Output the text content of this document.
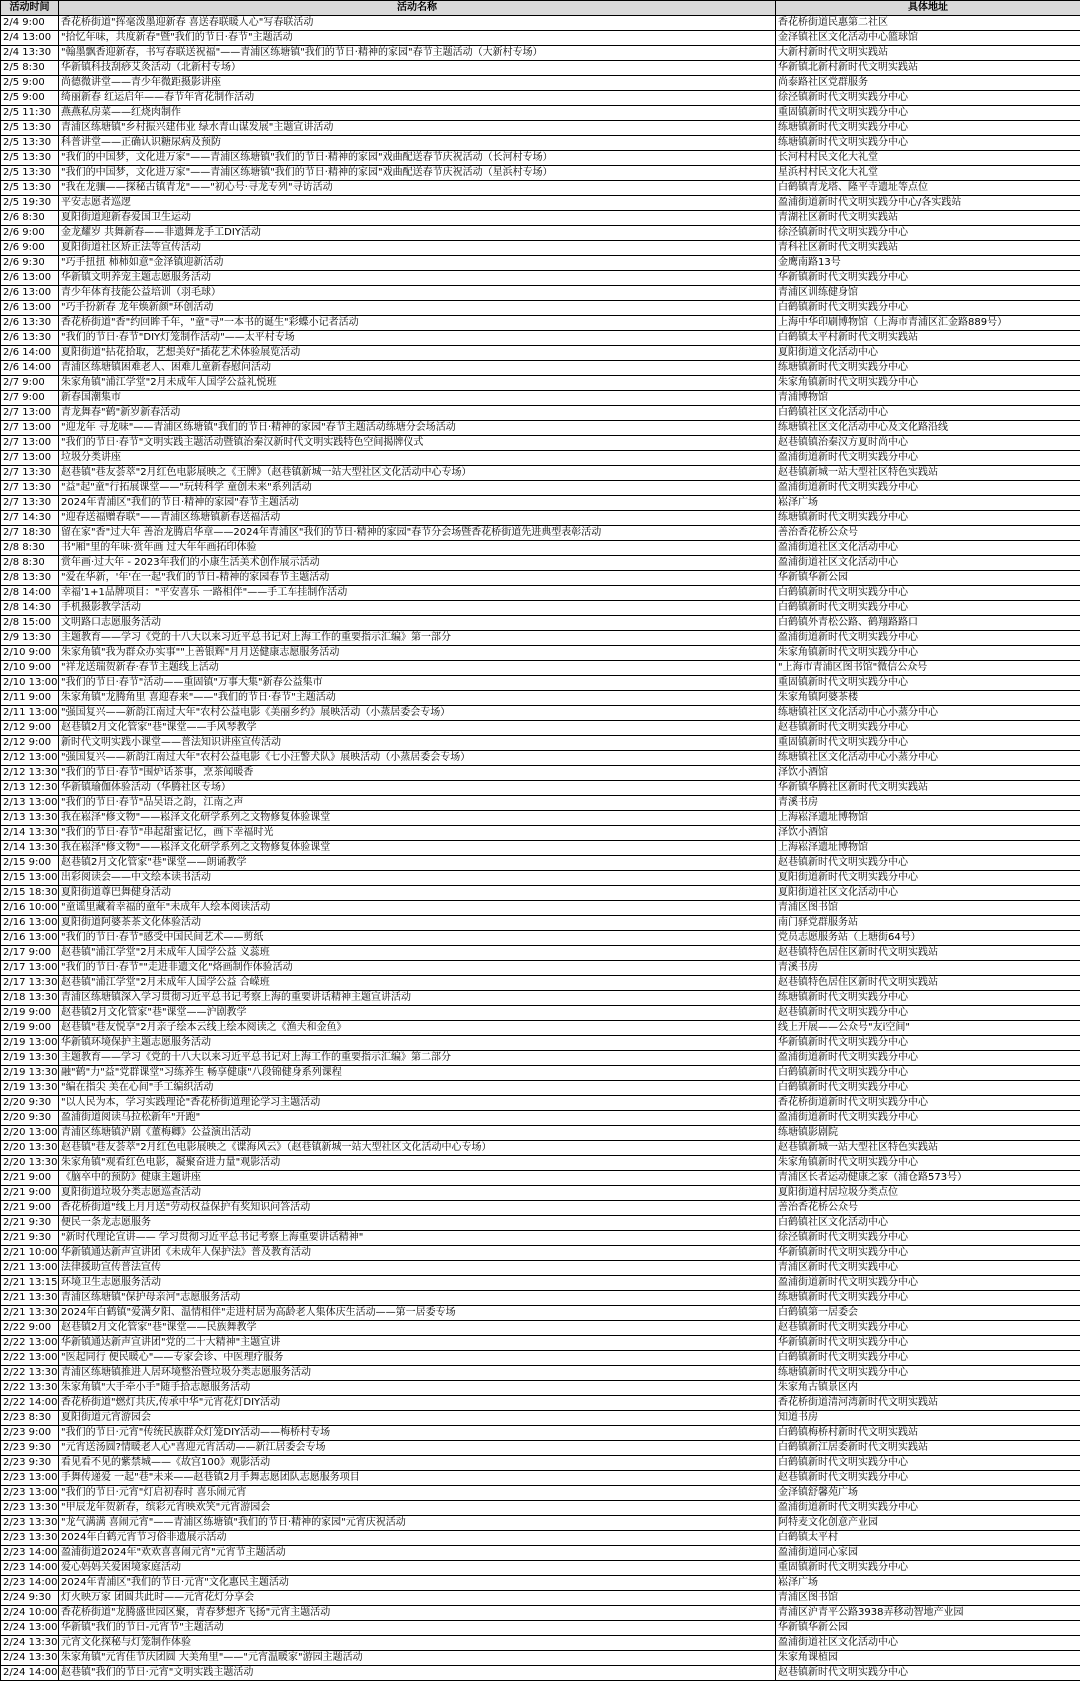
活动时间	活动名称	具体地址
2/4 9:00	香花桥街道"挥毫泼墨迎新春 喜送春联暖人心"写春联活动	香花桥街道民惠第二社区
2/4 13:00	"拾忆年味，共度新春"暨"我们的节日·春节"主题活动	金泽镇社区文化活动中心篮球馆
2/4 13:30	"翰墨飘香迎新春，书写春联送祝福"——青浦区练塘镇"我们的节日·精神的家园"春节主题活动（大新村专场）	大新村新时代文明实践站
2/5 8:30	华新镇科技刮痧艾灸活动（北新村专场）	华新镇北新村新时代文明实践站
2/5 9:00	尚德微讲堂——青少年微距摄影讲座	尚泰路社区党群服务
2/5 9:00	绮丽新春 红运启年——春节年宵花制作活动	徐泾镇新时代文明实践分中心
2/5 11:30	燕燕私房菜——红烧肉制作	重固镇新时代文明实践分中心
2/5 13:30	青浦区练塘镇"乡村振兴建伟业 绿水青山谋发展"主题宣讲活动	练塘镇新时代文明实践分中心
2/5 13:30	科普讲堂——正确认识糖尿病及预防	练塘镇新时代文明实践分中心
2/5 13:30	"我们的中国梦，文化进万家"——青浦区练塘镇"我们的节日·精神的家园"戏曲配送春节庆祝活动（长河村专场）	长河村村民文化大礼堂
2/5 13:30	"我们的中国梦，文化进万家"——青浦区练塘镇"我们的节日·精神的家园"戏曲配送春节庆祝活动（星浜村专场）	星浜村村民文化大礼堂
2/5 13:30	"我在龙骧——探秘古镇青龙"——"初心号·寻龙专列"寻访活动	白鹤镇青龙塔、隆平寺遗址等点位
2/5 19:30	平安志愿者巡逻	盈浦街道新时代文明实践分中心/各实践站
2/6 8:30	夏阳街道迎新春爱国卫生运动	青湖社区新时代文明实践站
2/6 9:00	金龙耀岁 共舞新春——非遗舞龙手工DIY活动	徐泾镇新时代文明实践分中心
2/6 9:00	夏阳街道社区矫正法等宣传活动	青科社区新时代文明实践站
2/6 9:30	"巧手扭扭 柿柿如意"金泽镇迎新活动	金鹰南路13号
2/6 13:00	华新镇文明养宠主题志愿服务活动	华新镇新时代文明实践分中心
2/6 13:00	青少年体育技能公益培训（羽毛球）	青浦区训练健身馆
2/6 13:00	"巧手扮新春 龙年焕新颜"环创活动	白鹤镇新时代文明实践分中心
2/6 13:30	香花桥街道"香"约回眸千年，"童"寻"一本书的诞生"彩蝶小记者活动	上海中华印刷博物馆（上海市青浦区汇金路889号）
2/6 13:30	"我们的节日·春节"DIY灯笼制作活动"——太平村专场	白鹤镇太平村新时代文明实践站
2/6 14:00	夏阳街道"拈花拾取，艺想美好"插花艺术体验展览活动	夏阳街道文化活动中心
2/6 14:00	青浦区练塘镇困难老人、困难儿童新春慰问活动	练塘镇新时代文明实践分中心
2/7 9:00	朱家角镇"浦江学堂"2月未成年人国学公益礼悦班	朱家角镇新时代文明实践分中心
2/7 9:00	新春国潮集市	青浦博物馆
2/7 13:00	青龙舞春"鹤"新岁新春活动	白鹤镇社区文化活动中心
2/7 13:00	"迎龙年 寻龙味"——青浦区练塘镇"我们的节日·精神的家园"春节主题活动练塘分会场活动	练塘镇社区文化活动中心及文化路沿线
2/7 13:00	"我们的节日·春节"文明实践主题活动暨镇治秦汉新时代文明实践特色空间揭牌仪式	赵巷镇镇治秦汉方夏时尚中心
2/7 13:00	垃圾分类讲座	盈浦街道新时代文明实践分中心
2/7 13:30	赵巷镇"巷友荟萃"2月红色电影展映之《王牌》（赵巷镇新城一站大型社区文化活动中心专场）	赵巷镇新城一站大型社区特色实践站
2/7 13:30	"益"起"童"行拓展课堂——"玩转科学 童创未来"系列活动	盈浦街道新时代文明实践分中心
2/7 13:30	2024年青浦区"我们的节日·精神的家园"春节主题活动	崧泽广场
2/7 14:30	"迎春送福赠春联"——青浦区练塘镇新春送福活动	练塘镇新时代文明实践分中心
2/7 18:30	留在家"香"过大年 善治龙腾启华章——2024年青浦区"我们的节日·精神的家园"春节分会场暨香花桥街道先进典型表彰活动	善治香花桥公众号
2/8 8:30	书"厢"里的年味·赏年画 过大年年画拓印体验	盈浦街道社区文化活动中心
2/8 8:30	赏年画·过大年 - 2023年我们的小康生活美术创作展示活动	盈浦街道社区文化活动中心
2/8 13:30	"爱在华新，'年'在一起"我们的节日-精神的家园春节主题活动	华新镇华新公园
2/8 14:00	幸福'1+1品牌项目："平安喜乐 一路相伴"——手工车挂制作活动	白鹤镇新时代文明实践分中心
2/8 14:30	手机摄影教学活动	白鹤镇新时代文明实践分中心
2/8 15:00	文明路口志愿服务活动	白鹤镇外青松公路、鹤翔路路口
2/9 13:30	主题教育——学习《党的十八大以来习近平总书记对上海工作的重要指示汇编》第一部分	盈浦街道新时代文明实践分中心
2/10 9:00	朱家角镇"我为群众办实事""上善银辉"月月送健康志愿服务活动	朱家角镇新时代文明实践分中心
2/10 9:00	"祥龙送瑞贺新春·春节主题线上活动	"上海市青浦区图书馆"微信公众号
2/10 13:00	"我们的节日·春节"活动——重固镇"万事大集"新春公益集市	重固镇新时代文明实践分中心
2/11 9:00	朱家角镇"龙腾角里 喜迎春来"——"我们的节日·春节"主题活动	朱家角镇阿婆茶楼
2/11 13:00	"强国复兴——新韵江南过大年"农村公益电影《美丽乡约》展映活动（小蒸居委会专场）	练塘镇社区文化活动中心小蒸分中心
2/12 9:00	赵巷镇2月文化管家"巷"课堂——手风琴教学	赵巷镇新时代文明实践分中心
2/12 9:00	新时代文明实践小课堂——普法知识讲座宣传活动	重固镇新时代文明实践分中心
2/12 13:00	"强国复兴——新韵江南过大年"农村公益电影《七小汪警犬队》展映活动（小蒸居委会专场）	练塘镇社区文化活动中心小蒸分中心
2/12 13:30	"我们的节日·春节"围炉话茶事，烹茶闻暖香	泽饮小酒馆
2/13 12:30	华新镇瑜伽体验活动（华腾社区专场）	华新镇华腾社区新时代文明实践站
2/13 13:00	"我们的节日·春节"品吴语之韵，江南之声	青溪书房
2/13 13:30	我在崧泽"修文物"——崧泽文化研学系列之文物修复体验课堂	上海崧泽遗址博物馆
2/14 13:30	"我们的节日·春节"串起甜蜜记忆，画下幸福时光	泽饮小酒馆
2/14 13:30	我在崧泽"修文物"——崧泽文化研学系列之文物修复体验课堂	上海崧泽遗址博物馆
2/15 9:00	赵巷镇2月文化管家"巷"课堂——朗诵教学	赵巷镇新时代文明实践分中心
2/15 13:00	出彩阅读会——中文绘本读书活动	夏阳街道新时代文明实践分中心
2/15 18:30	夏阳街道尊巴舞健身活动	夏阳街道社区文化活动中心
2/16 10:00	"童谣里藏着幸福的童年"未成年人绘本阅读活动	青浦区图书馆
2/16 13:00	夏阳街道阿婆茶茶文化体验活动	南门驿党群服务站
2/16 13:00	"我们的节日·春节"感受中国民间艺术——剪纸	党员志愿服务站（上塘街64号）
2/17 9:00	赵巷镇"浦江学堂"2月未成年人国学公益 义蕊班	赵巷镇特色居住区新时代文明实践站
2/17 13:00	"我们的节日·春节""走进非遗文化"烙画制作体验活动	青溪书房
2/17 13:30	赵巷镇"浦江学堂"2月未成年人国学公益 合嵘班	赵巷镇特色居住区新时代文明实践站
2/18 13:30	青浦区练塘镇深入学习贯彻习近平总书记考察上海的重要讲话精神主题宣讲活动	练塘镇新时代文明实践分中心
2/19 9:00	赵巷镇2月文化管家"巷"课堂——沪剧教学	赵巷镇新时代文明实践分中心
2/19 9:00	赵巷镇"巷友悦享"2月亲子绘本云线上绘本阅读之《渔夫和金鱼》	线上开展——公众号"友i空间"
2/19 13:00	华新镇环境保护主题志愿服务活动	华新镇新时代文明实践分中心
2/19 13:30	主题教育——学习《党的十八大以来习近平总书记对上海工作的重要指示汇编》第二部分	盈浦街道新时代文明实践分中心
2/19 13:30	融"鹤"力"益"党群课堂"习练养生 畅享健康"八段锦健身系列课程	白鹤镇新时代文明实践分中心
2/19 13:30	"编在指尖 美在心间"手工编织活动	白鹤镇新时代文明实践分中心
2/20 9:30	"以人民为本，学习实践理论"香花桥街道理论学习主题活动	香花桥街道新时代文明实践分中心
2/20 9:30	盈浦街道阅读马拉松新年"开跑"	盈浦街道新时代文明实践分中心
2/20 13:00	青浦区练塘镇沪剧《董梅卿》公益演出活动	练塘镇影剧院
2/20 13:30	赵巷镇"巷友荟萃"2月红色电影展映之《谍海风云》（赵巷镇新城一站大型社区文化活动中心专场）	赵巷镇新城一站大型社区特色实践站
2/20 13:30	朱家角镇"观看红色电影，凝聚奋进力量"观影活动	朱家角镇新时代文明实践分中心
2/21 9:00	《脑卒中的预防》健康主题讲座	青浦区长者运动健康之家（浦仓路573号）
2/21 9:00	夏阳街道垃圾分类志愿巡查活动	夏阳街道村居垃圾分类点位
2/21 9:00	香花桥街道"线上月月送"劳动权益保护有奖知识问答活动	善治香花桥公众号
2/21 9:30	便民一条龙志愿服务	白鹤镇社区文化活动中心
2/21 9:30	"新时代理论宣讲—— 学习贯彻习近平总书记考察上海重要讲话精神"	徐泾镇新时代文明实践分中心
2/21 10:00	华新镇通达新声宣讲团《未成年人保护法》普及教育活动	华新镇新时代文明实践分中心
2/21 13:00	法律援助宣传普法宣传	青浦区新时代文明实践中心
2/21 13:15	环境卫生志愿服务活动	盈浦街道新时代文明实践分中心
2/21 13:30	青浦区练塘镇"保护母亲河"志愿服务活动	练塘镇新时代文明实践分中心
2/21 13:30	2024年白鹤镇"爱满夕阳、温情相伴"走进村居为高龄老人集体庆生活动——第一居委专场	白鹤镇第一居委会
2/22 9:00	赵巷镇2月文化管家"巷"课堂——民族舞教学	赵巷镇新时代文明实践分中心
2/22 13:00	华新镇通达新声宣讲团"党的二十大精神"主题宣讲	华新镇新时代文明实践分中心
2/22 13:00	"医起同行 便民暖心"——专家会诊、中医理疗服务	白鹤镇新时代文明实践分中心
2/22 13:30	青浦区练塘镇推进人居环境整治暨垃圾分类志愿服务活动	练塘镇新时代文明实践分中心
2/22 13:30	朱家角镇"大手牵小手"随手拾志愿服务活动	朱家角古镇景区内
2/22 14:00	香花桥街道"燃灯共庆,传承中华"元宵花灯DIY活动	香花桥街道清河湾新时代文明实践站
2/23 8:30	夏阳街道元宵游园会	知道书房
2/23 9:00	"我们的节日·元宵"传统民族群众灯笼DIY活动——梅桥村专场	白鹤镇梅桥村新时代文明实践站
2/23 9:30	"元宵送汤圆?情暖老人心"喜迎元宵活动——新江居委会专场	白鹤镇新江居委新时代文明实践站
2/23 9:30	看见看不见的紫禁城——《故宫100》观影活动	白鹤镇新时代文明实践分中心
2/23 13:00	手舞传递爱 一起"巷"未来——赵巷镇2月手舞志愿团队志愿服务项目	赵巷镇新时代文明实践分中心
2/23 13:00	"我们的节日·元宵"灯启初春时 喜乐闹元宵	金泽镇舒馨苑广场
2/23 13:30	"甲辰龙年贺新春，缤彩元宵映欢笑"元宵游园会	盈浦街道新时代文明实践分中心
2/23 13:30	"龙气满满 喜闹元宵"——青浦区练塘镇"我们的节日·精神的家园"元宵庆祝活动	阿特麦文化创意产业园
2/23 13:30	2024年白鹤元宵节习俗非遗展示活动	白鹤镇太平村
2/23 14:00	盈浦街道2024年"欢欢喜喜闹元宵"元宵节主题活动	盈浦街道同心家园
2/23 14:00	爱心妈妈关爱困境家庭活动	重固镇新时代文明实践分中心
2/23 14:00	2024年青浦区"我们的节日·元宵"文化惠民主题活动	崧泽广场
2/24 9:30	灯火映万家 团圆共此时——元宵花灯分享会	青浦区图书馆
2/24 10:00	香花桥街道"龙腾盛世园区聚，青春梦想齐飞扬"元宵主题活动	青浦区沪青平公路3938弄移动智地产业园
2/24 13:00	华新镇"我们的节日-元宵节"主题活动	华新镇华新公园
2/24 13:30	元宵文化探秘与灯笼制作体验	盈浦街道社区文化活动中心
2/24 13:30	朱家角镇"元宵佳节庆团圆 大美角里"——"元宵温暖家"游园主题活动	朱家角课植园
2/24 14:00	赵巷镇"我们的节日·元宵"文明实践主题活动	赵巷镇新时代文明实践分中心
